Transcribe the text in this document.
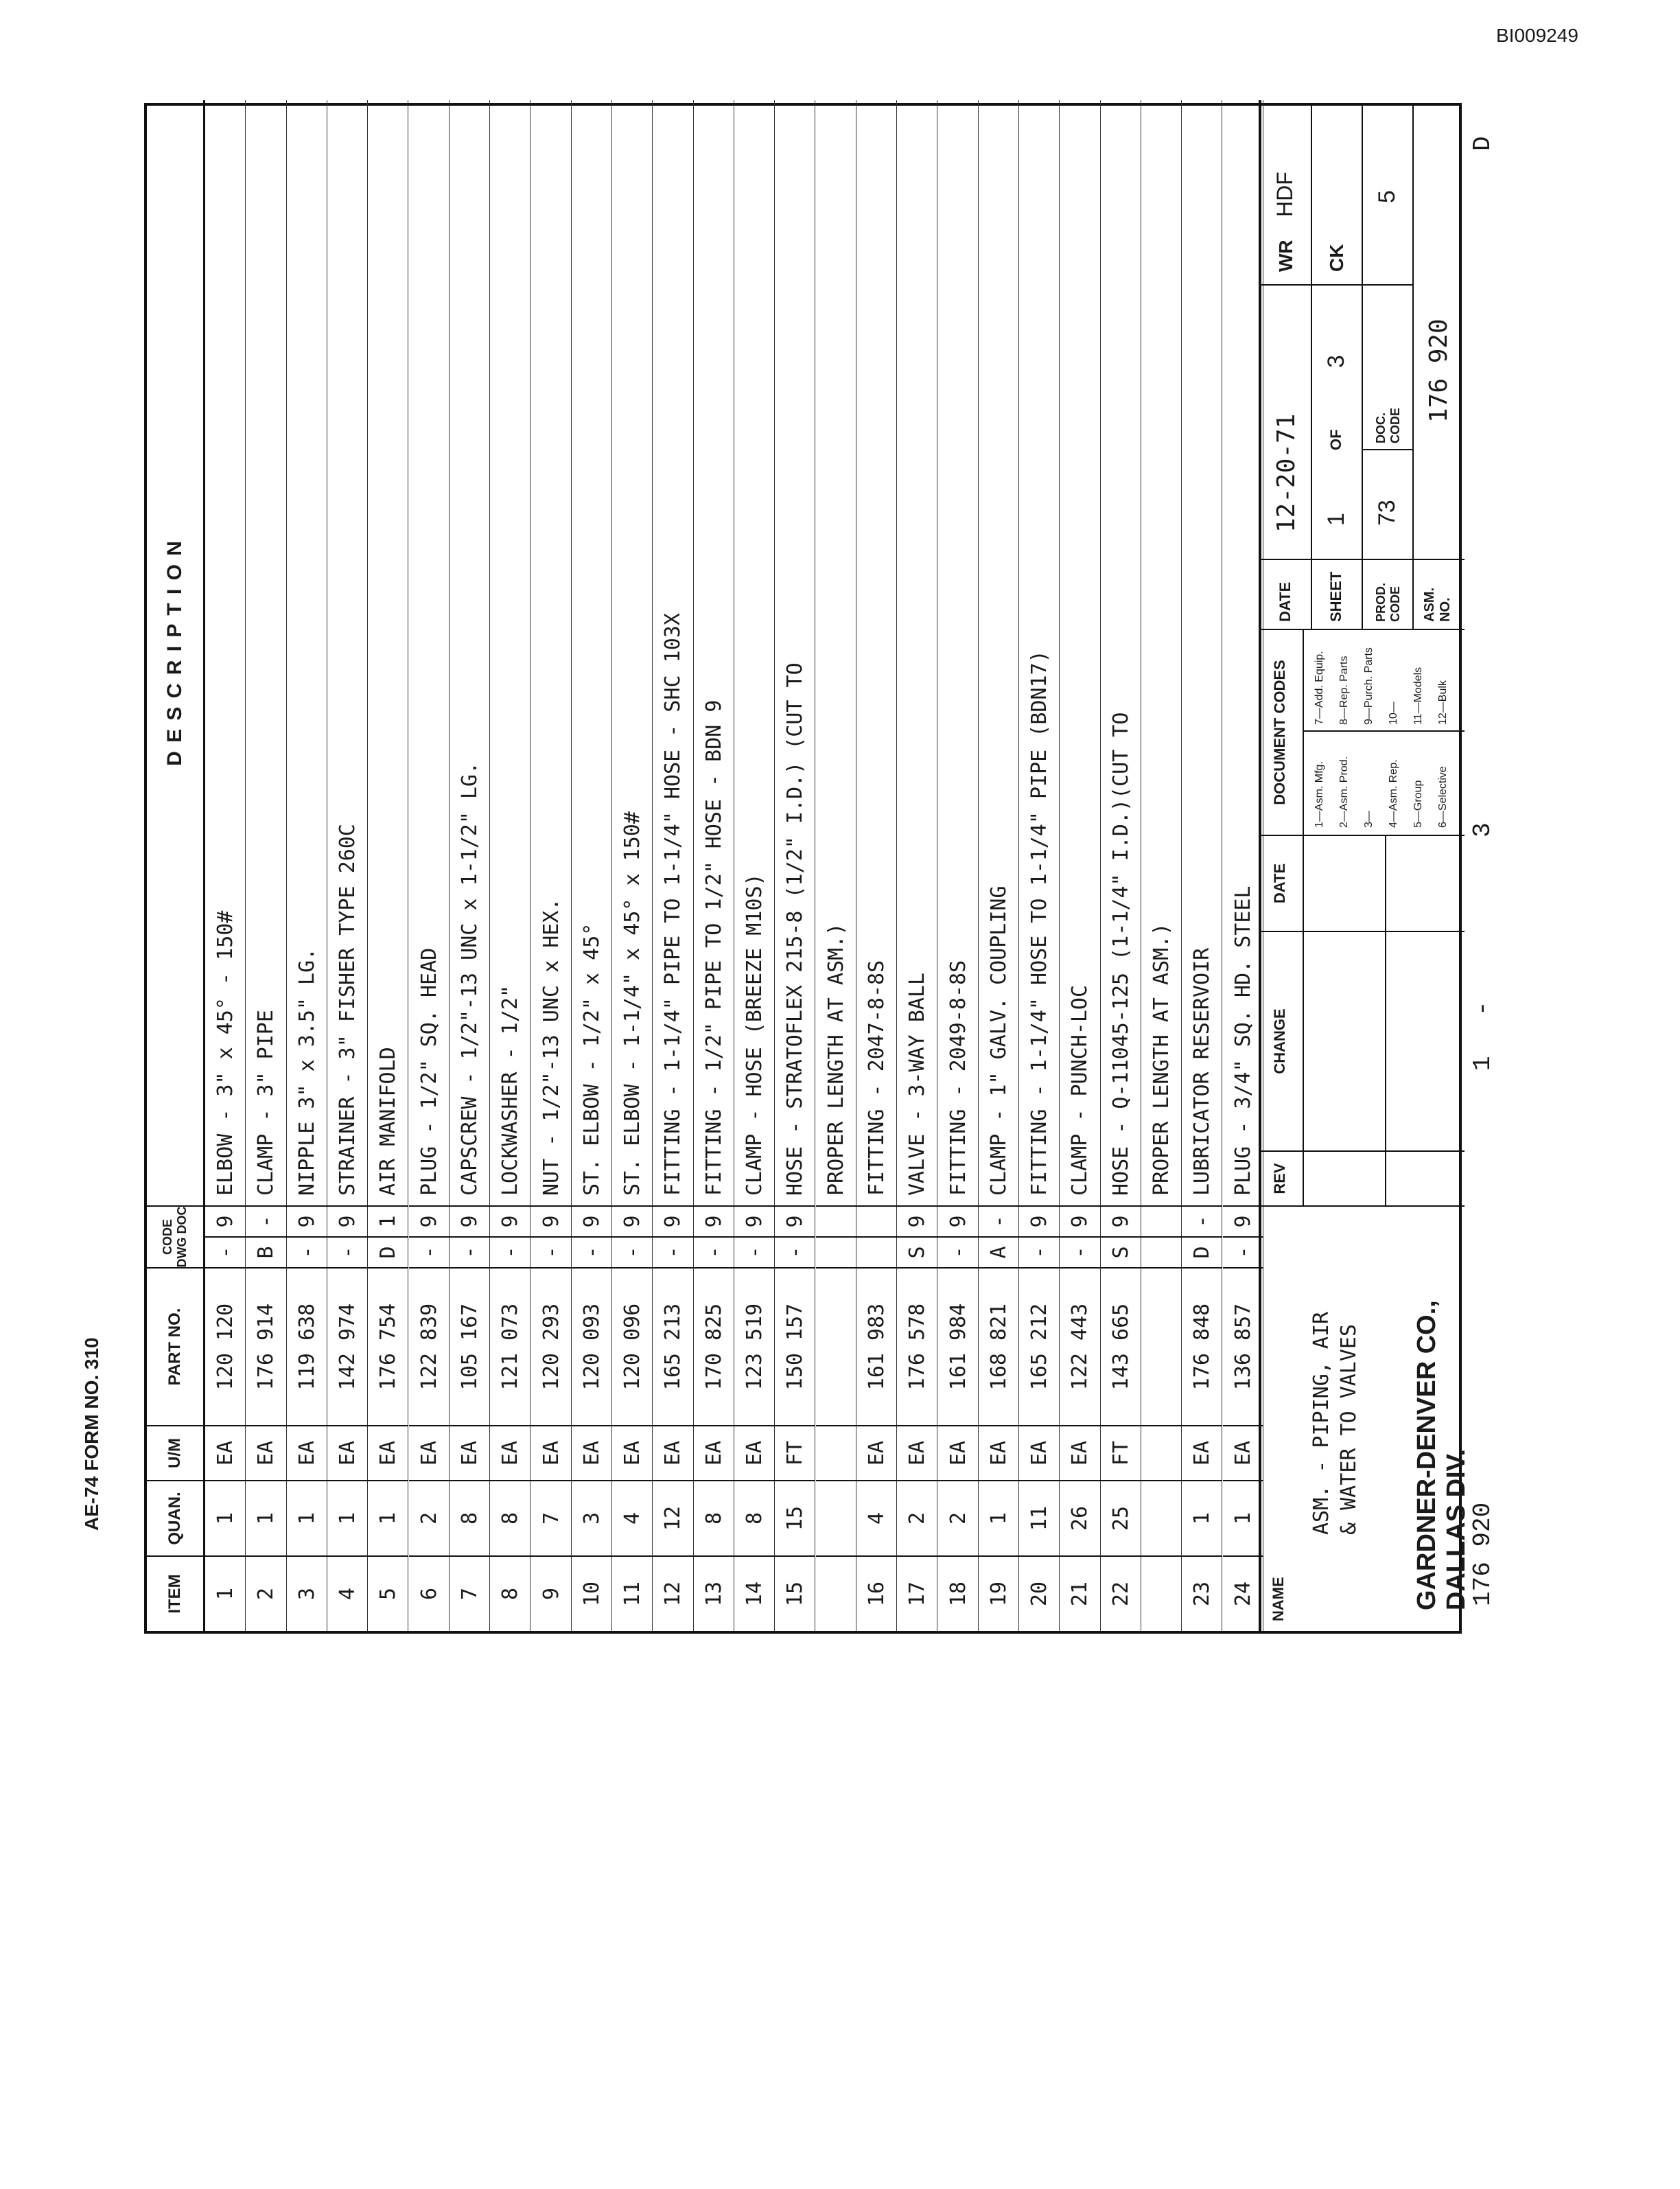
BI009249
ITEM
QUAN.
U/M
PART NO.
CODE DWG DOC
D E S C R I P T I O N
1
1
EA
120 120
-
9
ELBOW - 3" x 45° - 150#
2
1
EA
176 914
B
-
CLAMP - 3" PIPE
3
1
EA
119 638
-
9
NIPPLE 3" x 3.5" LG.
4
1
EA
142 974
-
9
STRAINER - 3" FISHER TYPE 260C
5
1
EA
176 754
D
1
AIR MANIFOLD
6
2
EA
122 839
-
9
PLUG - 1/2" SQ. HEAD
7
8
EA
105 167
-
9
CAPSCREW - 1/2"-13 UNC x 1-1/2" LG.
8
8
EA
121 073
-
9
LOCKWASHER - 1/2"
9
7
EA
120 293
-
9
NUT - 1/2"-13 UNC x HEX.
10
3
EA
120 093
-
9
ST. ELBOW - 1/2" x 45°
11
4
EA
120 096
-
9
ST. ELBOW - 1-1/4" x 45° x 150#
12
12
EA
165 213
-
9
FITTING - 1-1/4" PIPE TO 1-1/4" HOSE - SHC 103X
13
8
EA
170 825
-
9
FITTING - 1/2" PIPE TO 1/2" HOSE - BDN 9
14
8
EA
123 519
-
9
CLAMP - HOSE (BREEZE M10S)
15
15
FT
150 157
-
9
HOSE - STRATOFLEX 215-8 (1/2" I.D.) (CUT TO PROPER LENGTH AT ASM.)
16
4
EA
161 983
FITTING - 2047-8-8S
17
2
EA
176 578
S
9
VALVE - 3-WAY BALL
18
2
EA
161 984
-
9
FITTING - 2049-8-8S
19
1
EA
168 821
A
-
CLAMP - 1" GALV. COUPLING
20
11
EA
165 212
-
9
FITTING - 1-1/4" HOSE TO 1-1/4" PIPE (BDN17)
21
26
EA
122 443
-
9
CLAMP - PUNCH-LOC
22
25
FT
143 665
S
9
HOSE - Q-11045-125 (1-1/4" I.D.)(CUT TO PROPER LENGTH AT ASM.)
23
1
EA
176 848
D
-
LUBRICATOR RESERVOIR
24
1
EA
136 857
-
9
PLUG - 3/4" SQ. HD. STEEL
NAME
ASM. - PIPING, AIR & WATER TO VALVES GARDNER-DENVER CO., DALLAS DIV.
REV
CHANGE
DATE
DOCUMENT CODES 1—Asm. Mfg. 2—Asm. Prod. 3— 4—Asm. Rep. 5—Group 6—Selective
7—Add. Equip. 8—Rep. Parts 9—Purch. Parts 10— 11—Models 12—Bulk
DATE
12-20-71
WR
HDF
SHEET
1
OF
3
CK
PROD. CODE
73
DOC. CODE
5
ASM. NO.
176 920
176 920
1
-
3
D
AE-74 FORM NO. 310
